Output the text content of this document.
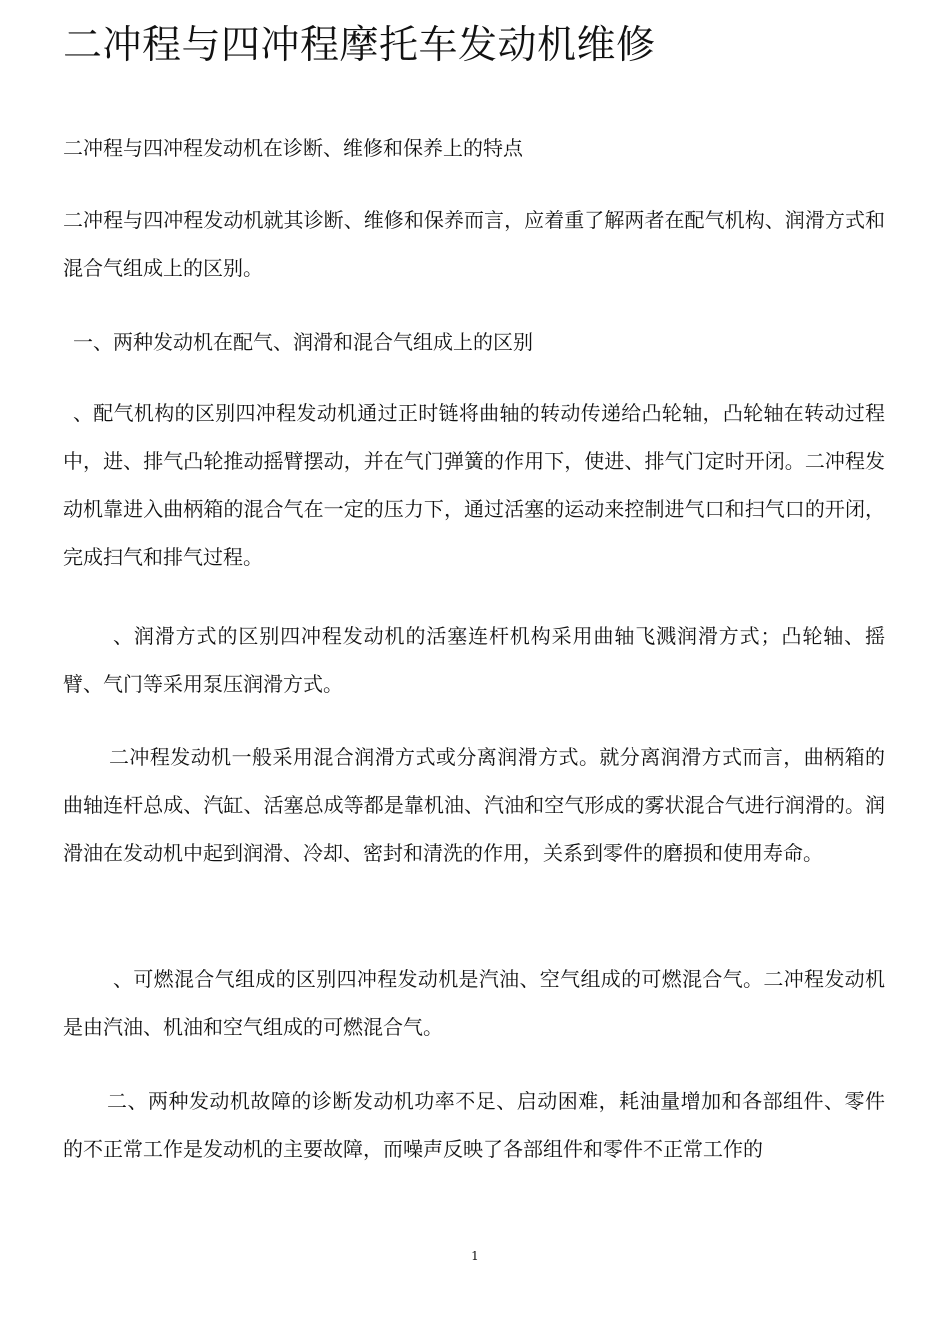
二冲程与四冲程摩托车发动机维修

二冲程与四冲程发动机在诊断、维修和保养上的特点

二冲程与四冲程发动机就其诊断、维修和保养而言，应着重了解两者在配气机构、润滑方式和混合气组成上的区别。

一、两种发动机在配气、润滑和混合气组成上的区别

、配气机构的区别四冲程发动机通过正时链将曲轴的转动传递给凸轮轴，凸轮轴在转动过程中，进、排气凸轮推动摇臂摆动，并在气门弹簧的作用下，使进、排气门定时开闭。二冲程发动机靠进入曲柄箱的混合气在一定的压力下，通过活塞的运动来控制进气口和扫气口的开闭，完成扫气和排气过程。

、润滑方式的区别四冲程发动机的活塞连杆机构采用曲轴飞溅润滑方式；凸轮轴、摇臂、气门等采用泵压润滑方式。

二冲程发动机一般采用混合润滑方式或分离润滑方式。就分离润滑方式而言，曲柄箱的曲轴连杆总成、汽缸、活塞总成等都是靠机油、汽油和空气形成的雾状混合气进行润滑的。润滑油在发动机中起到润滑、冷却、密封和清洗的作用，关系到零件的磨损和使用寿命。

、可燃混合气组成的区别四冲程发动机是汽油、空气组成的可燃混合气。二冲程发动机是由汽油、机油和空气组成的可燃混合气。

二、两种发动机故障的诊断发动机功率不足、启动困难，耗油量增加和各部组件、零件的不正常工作是发动机的主要故障，而噪声反映了各部组件和零件不正常工作的

1
